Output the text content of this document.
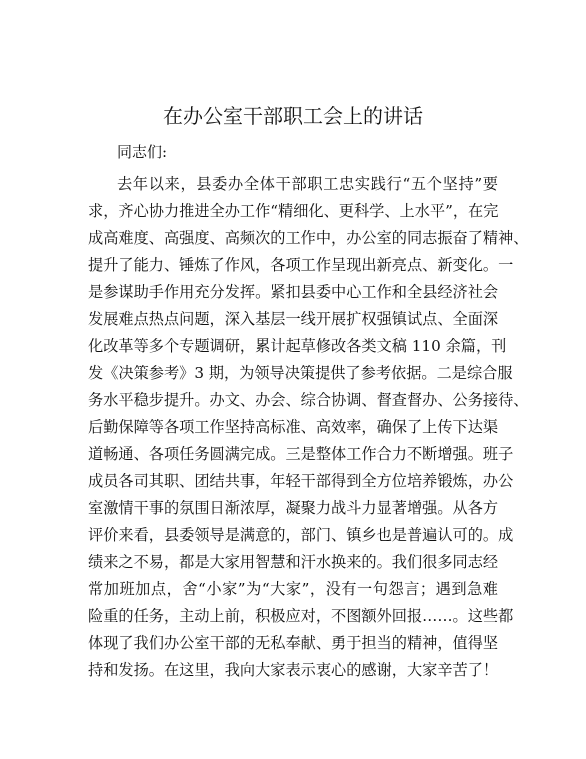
在办公室干部职工会上的讲话
同志们:
去年以来，县委办全体干部职工忠实践行“五个坚持”要
求，齐心协力推进全办工作“精细化、更科学、上水平”，在完
成高难度、高强度、高频次的工作中，办公室的同志振奋了精神、
提升了能力、锤炼了作风，各项工作呈现出新亮点、新变化。一
是参谋助手作用充分发挥。紧扣县委中心工作和全县经济社会
发展难点热点问题，深入基层一线开展扩权强镇试点、全面深
化改革等多个专题调研，累计起草修改各类文稿 110 余篇，刊
发《决策参考》3 期，为领导决策提供了参考依据。二是综合服
务水平稳步提升。办文、办会、综合协调、督查督办、公务接待、
后勤保障等各项工作坚持高标准、高效率，确保了上传下达渠
道畅通、各项任务圆满完成。三是整体工作合力不断增强。班子
成员各司其职、团结共事，年轻干部得到全方位培养锻炼，办公
室激情干事的氛围日渐浓厚，凝聚力战斗力显著增强。从各方
评价来看，县委领导是满意的，部门、镇乡也是普遍认可的。成
绩来之不易，都是大家用智慧和汗水换来的。我们很多同志经
常加班加点，舍“小家”为“大家”，没有一句怨言；遇到急难
险重的任务，主动上前，积极应对，不图额外回报……。这些都
体现了我们办公室干部的无私奉献、勇于担当的精神，值得坚
持和发扬。在这里，我向大家表示衷心的感谢，大家辛苦了！
